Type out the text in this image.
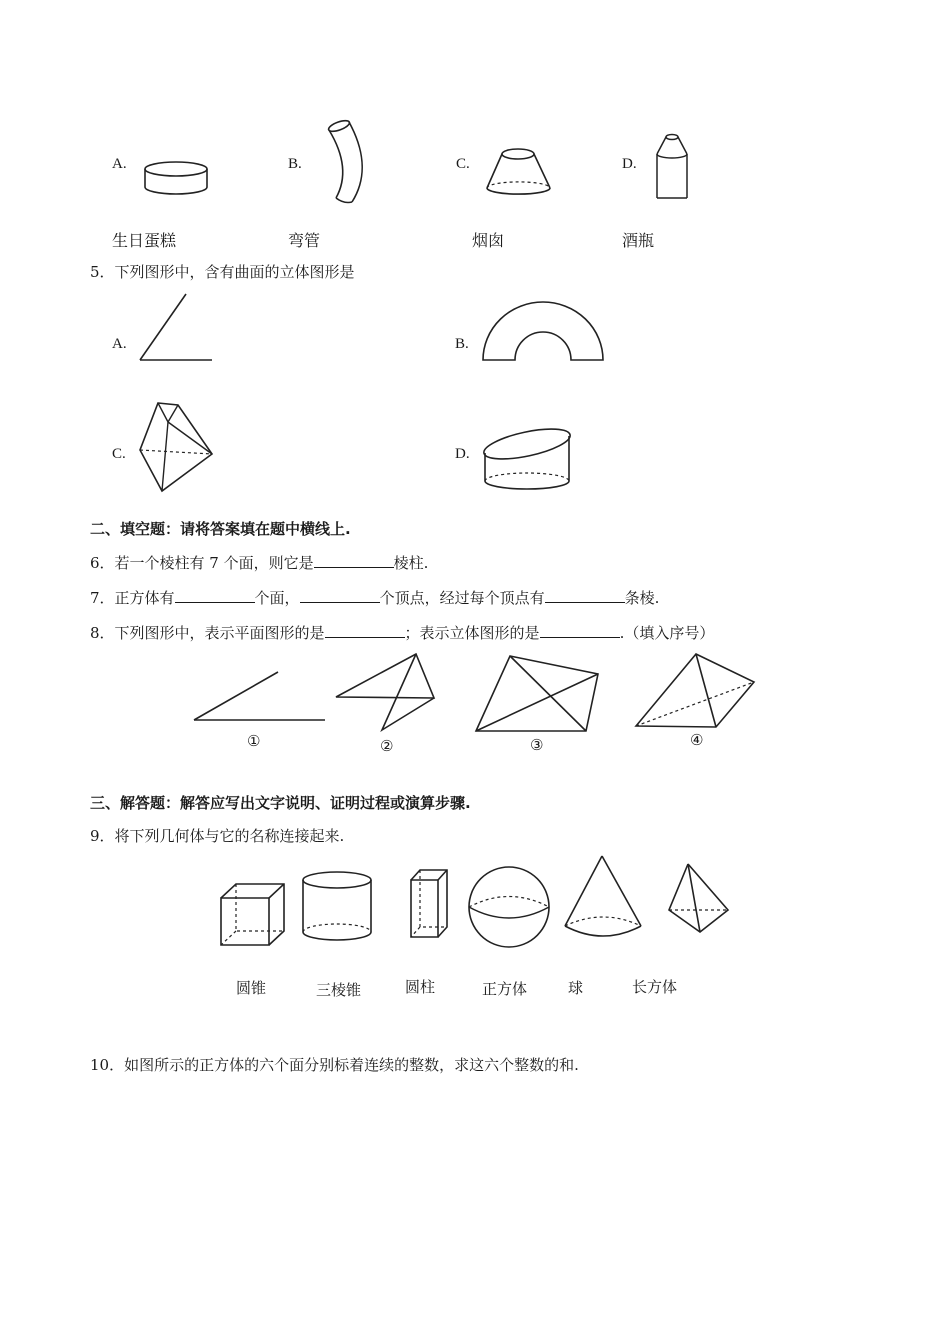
A.
生日蛋糕
B.
弯管
C.
烟囱
D.
酒瓶
5．下列图形中，含有曲面的立体图形是
A.	B.
C.	D.
二、填空题：请将答案填在题中横线上.
6．若一个棱柱有 7 个面，则它是	棱柱.
7．正方体有	个面，	个顶点，经过每个顶点有	条棱.
8．下列图形中，表示平面图形的是	；表示立体图形的是	.（填入序号）
①	②	③	④
三、解答题：解答应写出文字说明、证明过程或演算步骤.
9．将下列几何体与它的名称连接起来.
圆锥	三棱锥	圆柱	正方体	球	长方体
10．如图所示的正方体的六个面分别标着连续的整数，求这六个整数的和.
